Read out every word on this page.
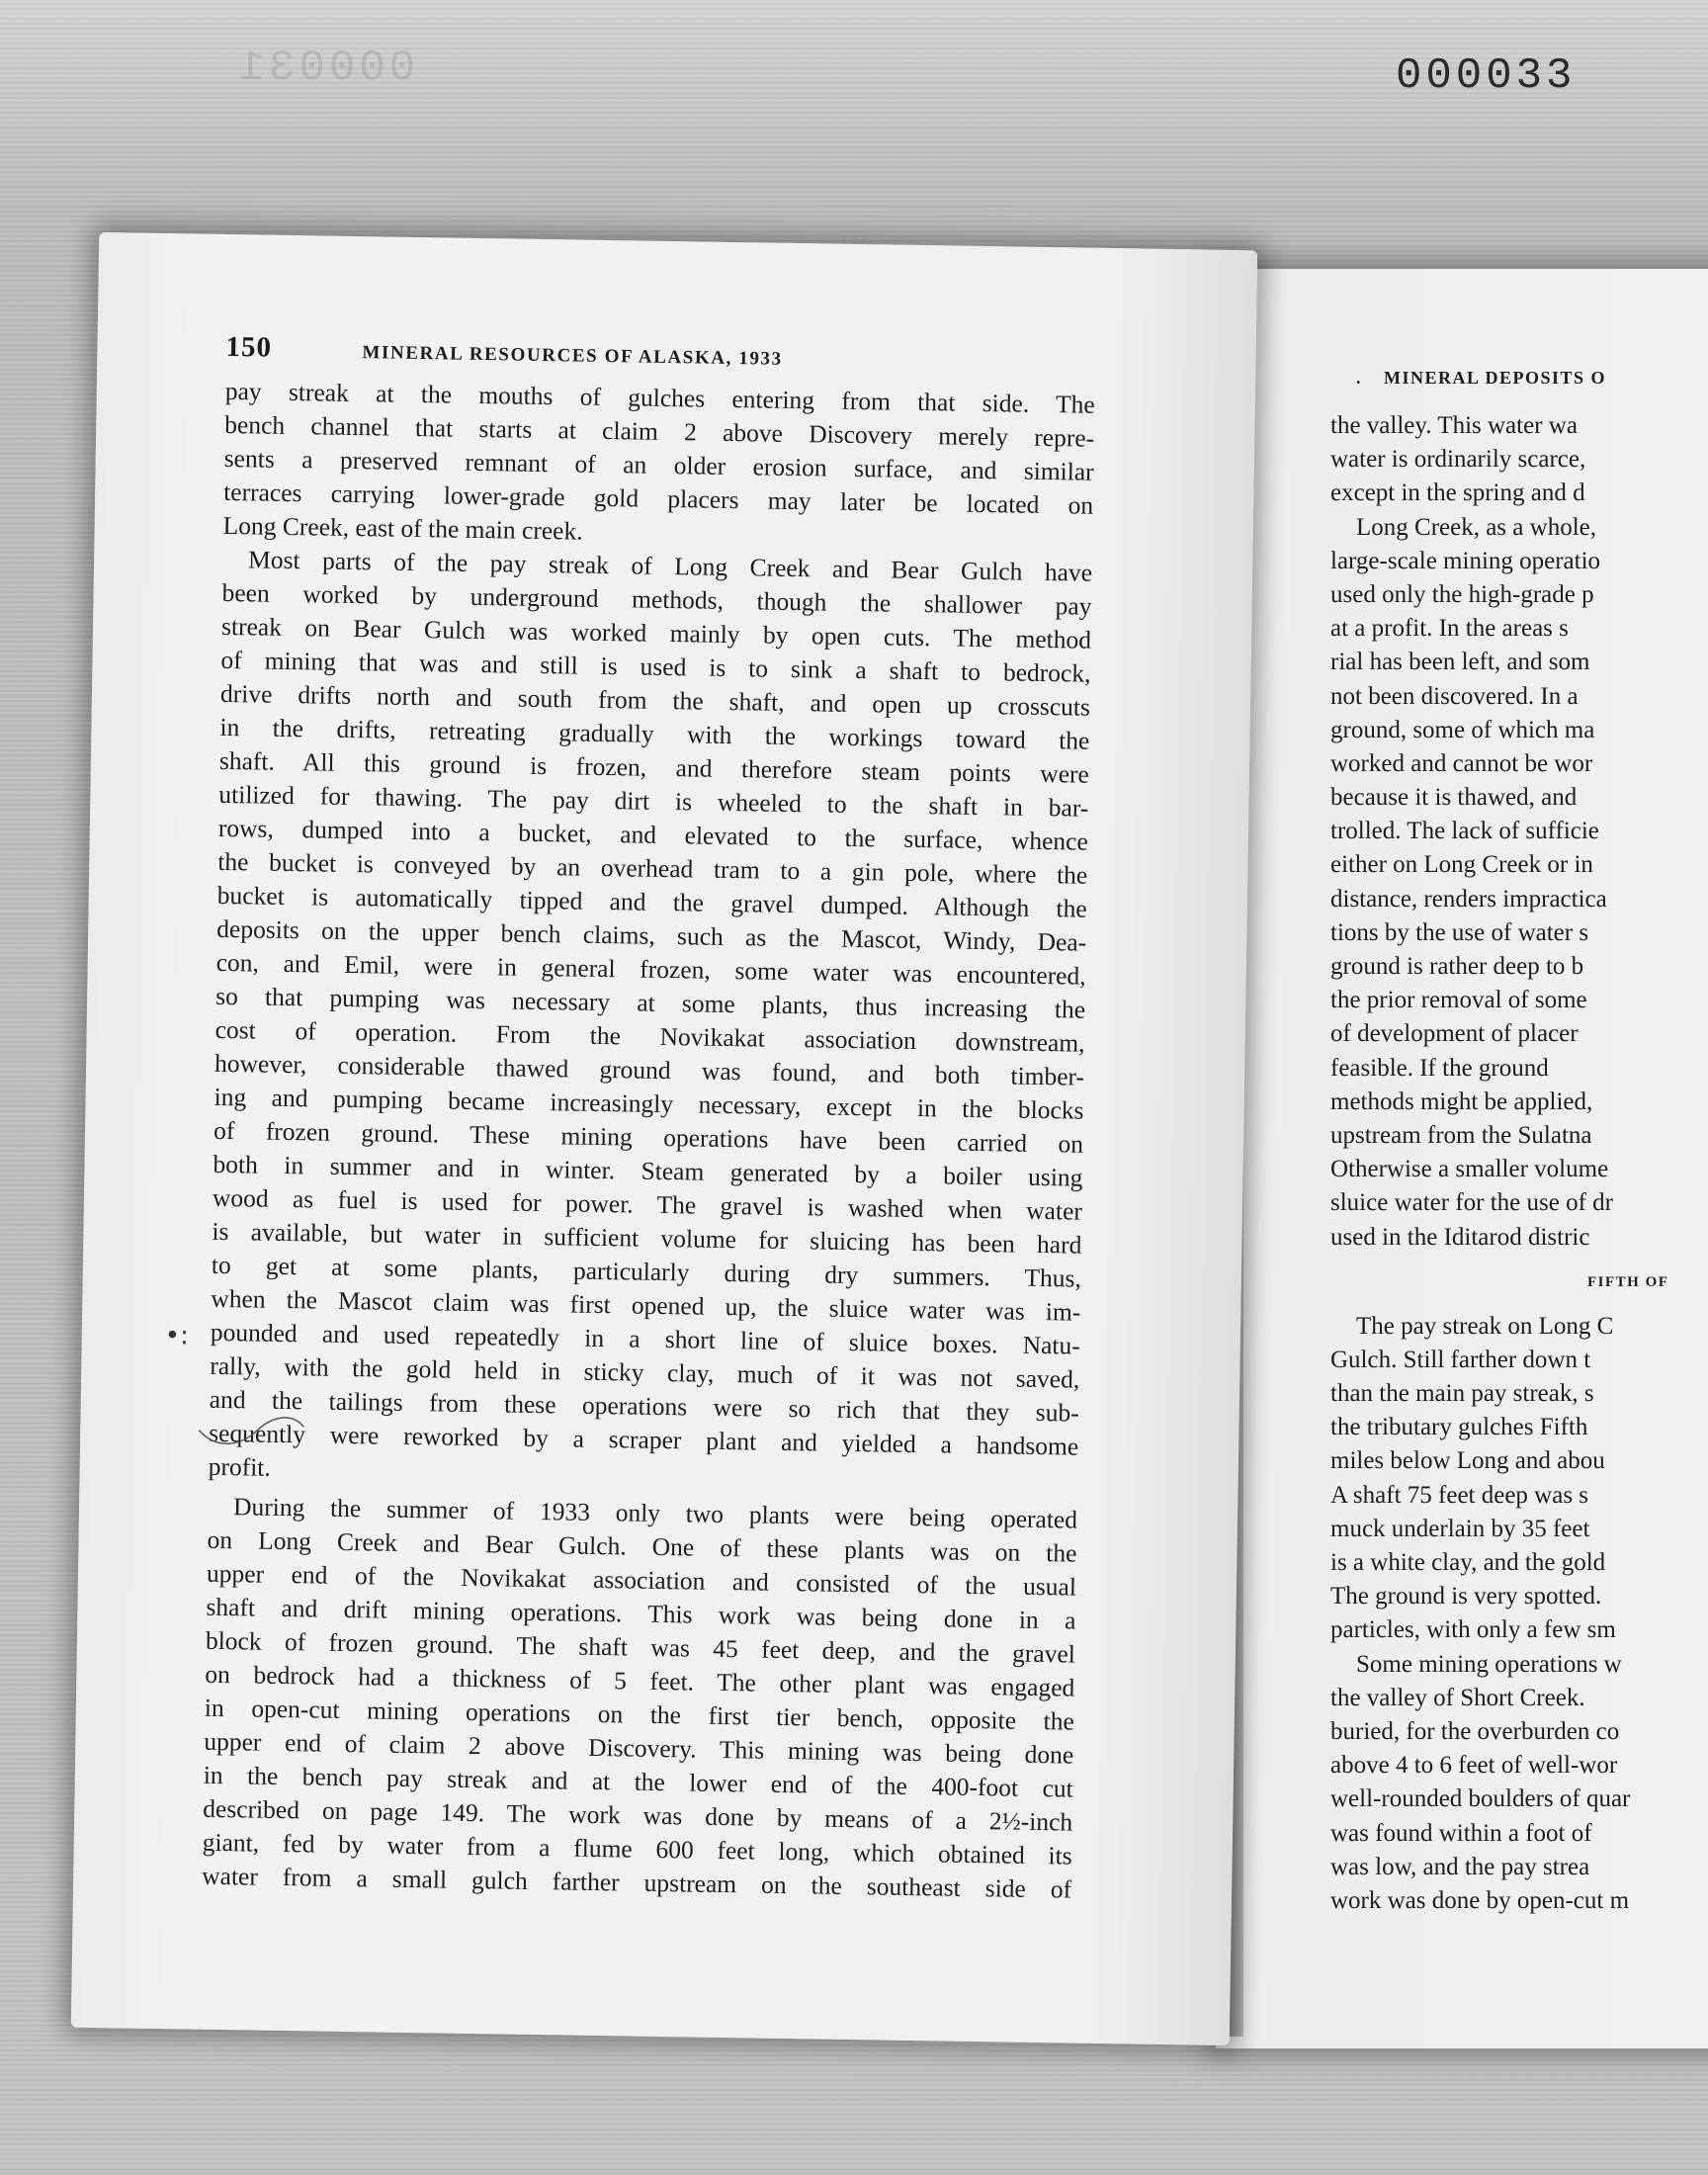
000031	000033
. MINERAL DEPOSITS O
the valley. This water wa
water is ordinarily scarce,
except in the spring and d
Long Creek, as a whole,
large-scale mining operatio
used only the high-grade p
at a profit. In the areas s
rial has been left, and som
not been discovered. In a
ground, some of which ma
worked and cannot be wor
because it is thawed, and
trolled. The lack of sufficie
either on Long Creek or in
distance, renders impractica
tions by the use of water s
ground is rather deep to b
the prior removal of some
of development of placer
feasible. If the ground
methods might be applied,
upstream from the Sulatna
Otherwise a smaller volume
sluice water for the use of dr
used in the Iditarod distric
FIFTH OF
The pay streak on Long C
Gulch. Still farther down t
than the main pay streak, s
the tributary gulches Fifth
miles below Long and abou
A shaft 75 feet deep was s
muck underlain by 35 feet
is a white clay, and the gold
The ground is very spotted.
particles, with only a few sm
Some mining operations w
the valley of Short Creek.
buried, for the overburden co
above 4 to 6 feet of well-wor
well-rounded boulders of quar
was found within a foot of
was low, and the pay strea
work was done by open-cut m
150	MINERAL RESOURCES OF ALASKA, 1933
pay streak at the mouths of gulches entering from that side. The
bench channel that starts at claim 2 above Discovery merely repre-
sents a preserved remnant of an older erosion surface, and similar
terraces carrying lower-grade gold placers may later be located on
Long Creek, east of the main creek.
Most parts of the pay streak of Long Creek and Bear Gulch have
been worked by underground methods, though the shallower pay
streak on Bear Gulch was worked mainly by open cuts. The method
of mining that was and still is used is to sink a shaft to bedrock,
drive drifts north and south from the shaft, and open up crosscuts
in the drifts, retreating gradually with the workings toward the
shaft. All this ground is frozen, and therefore steam points were
utilized for thawing. The pay dirt is wheeled to the shaft in bar-
rows, dumped into a bucket, and elevated to the surface, whence
the bucket is conveyed by an overhead tram to a gin pole, where the
bucket is automatically tipped and the gravel dumped. Although the
deposits on the upper bench claims, such as the Mascot, Windy, Dea-
con, and Emil, were in general frozen, some water was encountered,
so that pumping was necessary at some plants, thus increasing the
cost of operation. From the Novikakat association downstream,
however, considerable thawed ground was found, and both timber-
ing and pumping became increasingly necessary, except in the blocks
of frozen ground. These mining operations have been carried on
both in summer and in winter. Steam generated by a boiler using
wood as fuel is used for power. The gravel is washed when water
is available, but water in sufficient volume for sluicing has been hard
to get at some plants, particularly during dry summers. Thus,
when the Mascot claim was first opened up, the sluice water was im-
pounded and used repeatedly in a short line of sluice boxes. Natu-
rally, with the gold held in sticky clay, much of it was not saved,
and the tailings from these operations were so rich that they sub-
sequently were reworked by a scraper plant and yielded a handsome
profit.
During the summer of 1933 only two plants were being operated
on Long Creek and Bear Gulch. One of these plants was on the
upper end of the Novikakat association and consisted of the usual
shaft and drift mining operations. This work was being done in a
block of frozen ground. The shaft was 45 feet deep, and the gravel
on bedrock had a thickness of 5 feet. The other plant was engaged
in open-cut mining operations on the first tier bench, opposite the
upper end of claim 2 above Discovery. This mining was being done
in the bench pay streak and at the lower end of the 400-foot cut
described on page 149. The work was done by means of a 2½-inch
giant, fed by water from a flume 600 feet long, which obtained its
water from a small gulch farther upstream on the southeast side of
•:
